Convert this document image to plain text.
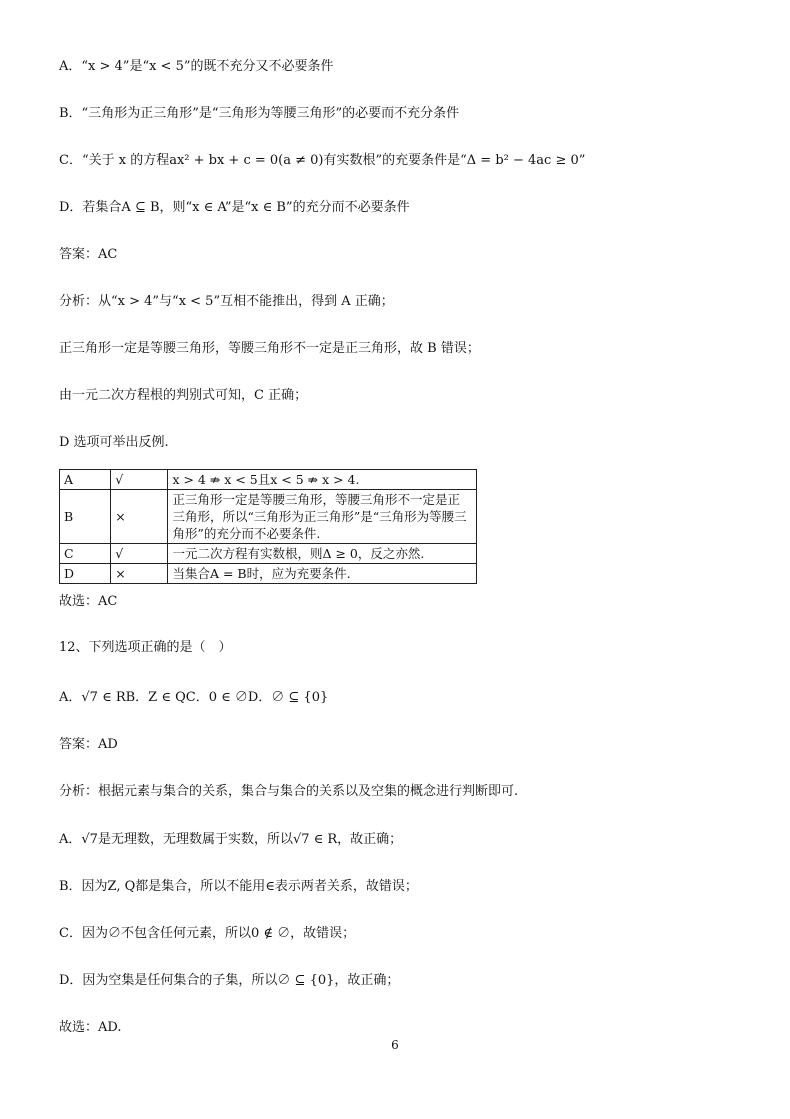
A．“x > 4”是“x < 5”的既不充分又不必要条件
B．“三角形为正三角形”是“三角形为等腰三角形”的必要而不充分条件
C．“关于 x 的方程ax² + bx + c = 0(a ≠ 0)有实数根”的充要条件是“Δ = b² − 4ac ≥ 0”
D．若集合A ⊆ B，则“x ∈ A”是“x ∈ B”的充分而不必要条件
答案：AC
分析：从“x > 4”与“x < 5”互相不能推出，得到 A 正确；
正三角形一定是等腰三角形，等腰三角形不一定是正三角形，故 B 错误；
由一元二次方程根的判别式可知，C 正确；
D 选项可举出反例.
A	√	x > 4 ⇏ x < 5且x < 5 ⇏ x > 4.
B	×	正三角形一定是等腰三角形，等腰三角形不一定是正三角形，所以“三角形为正三角形”是“三角形为等腰三角形”的充分而不必要条件.
C	√	一元二次方程有实数根，则Δ ≥ 0，反之亦然.
D	×	当集合A = B时，应为充要条件.
故选：AC
12、下列选项正确的是（　）
A．√7 ∈ RB．Z ∈ QC．0 ∈ ∅D．∅ ⊆ {0}
答案：AD
分析：根据元素与集合的关系，集合与集合的关系以及空集的概念进行判断即可.
A．√7是无理数，无理数属于实数，所以√7 ∈ R，故正确；
B．因为Z, Q都是集合，所以不能用∈表示两者关系，故错误；
C．因为∅不包含任何元素，所以0 ∉ ∅，故错误；
D．因为空集是任何集合的子集，所以∅ ⊆ {0}，故正确；
故选：AD.
6
